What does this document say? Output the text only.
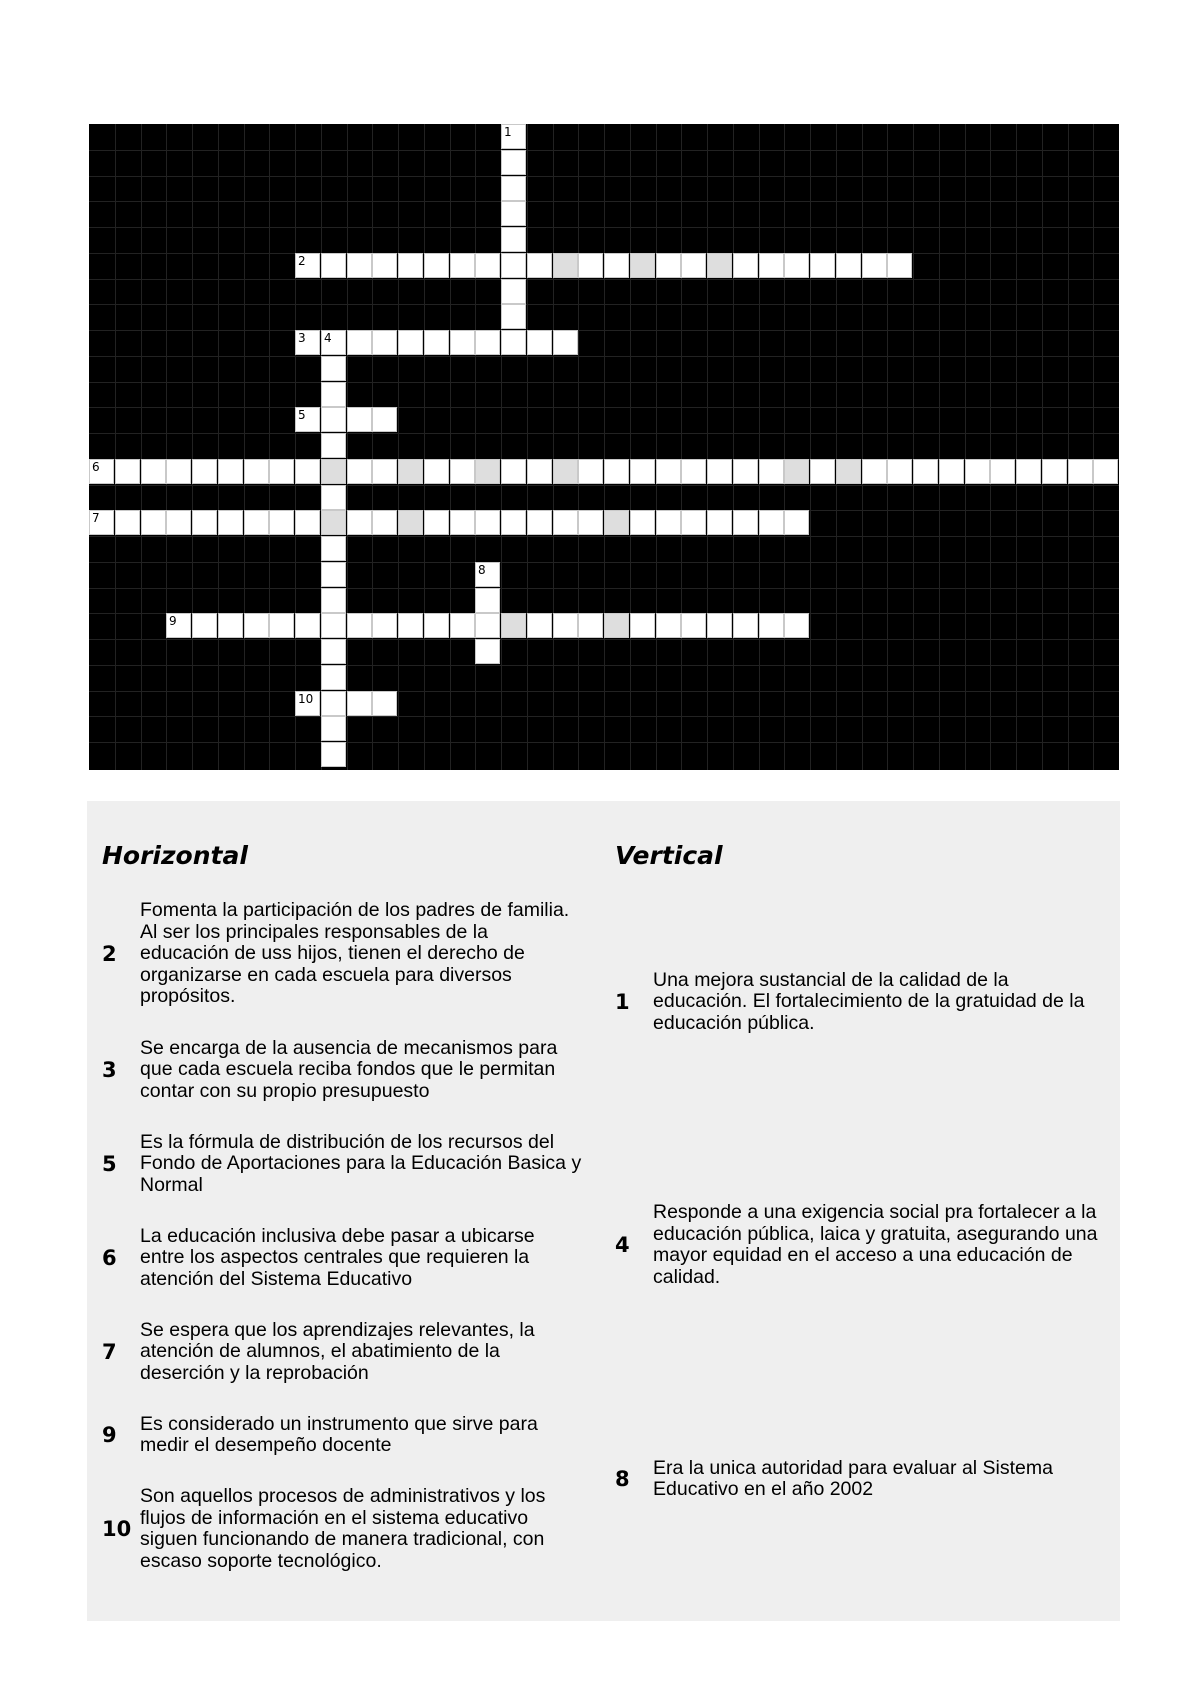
1
2
3 4
5
6
7
8
9
10
Horizontal	Vertical
2
Fomenta la participación de los padres de familia. Al ser los principales responsables de la educación de uss hijos, tienen el derecho de organizarse en cada escuela para diversos propósitos.
3
Se encarga de la ausencia de mecanismos para que cada escuela reciba fondos que le permitan contar con su propio presupuesto
5
Es la fórmula de distribución de los recursos del Fondo de Aportaciones para la Educación Basica y Normal
6
La educación inclusiva debe pasar a ubicarse entre los aspectos centrales que requieren la atención del Sistema Educativo
7
Se espera que los aprendizajes relevantes, la atención de alumnos, el abatimiento de la deserción y la reprobación
9	Es considerado un instrumento que sirve para medir el desempeño docente
10
Son aquellos procesos de administrativos y los flujos de información en el sistema educativo siguen funcionando de manera tradicional, con escaso soporte tecnológico.
1
Una mejora sustancial de la calidad de la educación. El fortalecimiento de la gratuidad de la educación pública.
4
Responde a una exigencia social pra fortalecer a la educación pública, laica y gratuita, asegurando una mayor equidad en el acceso a una educación de calidad.
8	Era la unica autoridad para evaluar al Sistema Educativo en el año 2002
